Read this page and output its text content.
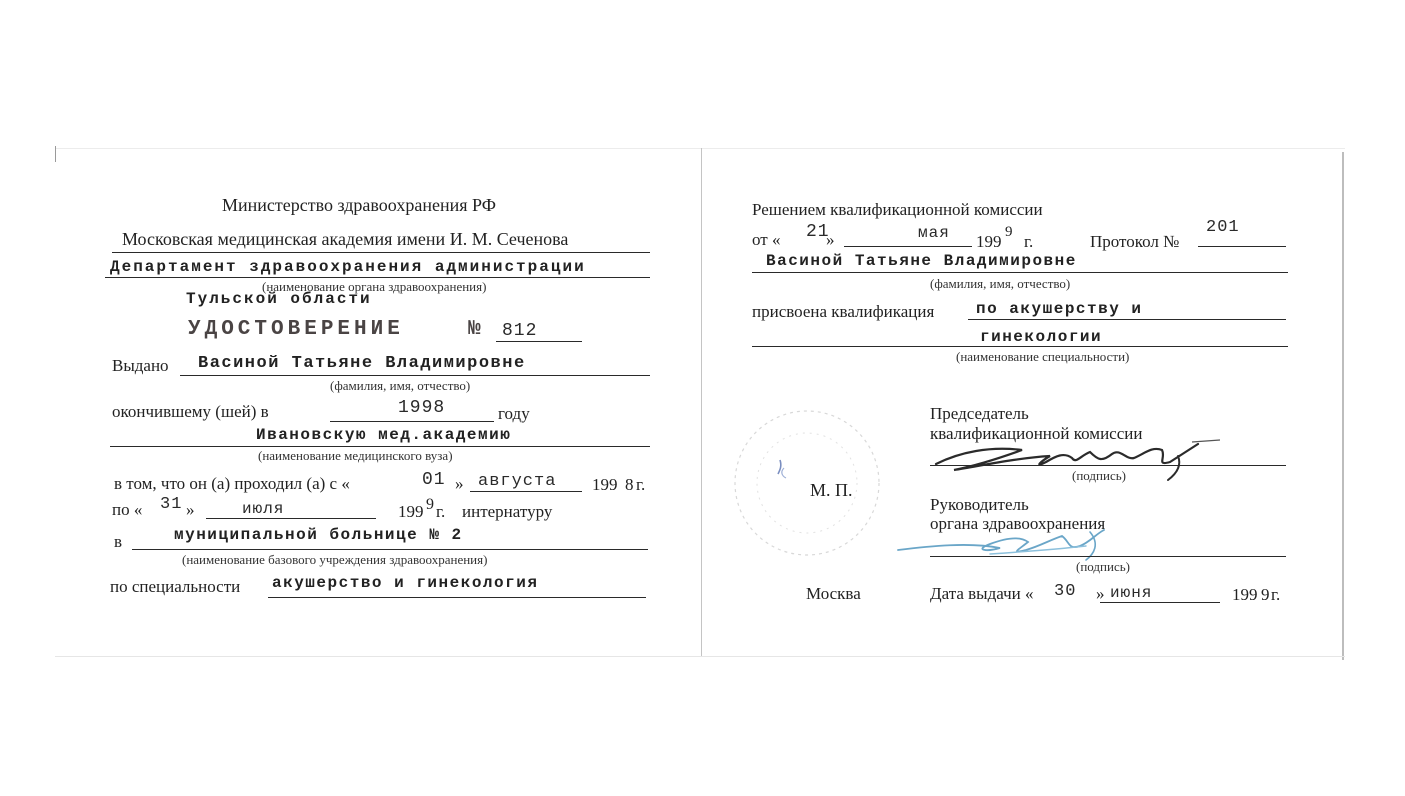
Министерство здравоохранения РФ
Московская медицинская академия имени И. М. Сеченова
Департамент здравоохранения администрации
(наименование органа здравоохранения)
Тульской области
УДОСТОВЕРЕНИЕ	№ 812
Выдано Васиной Татьяне Владимировне
(фамилия, имя, отчество)
окончившему (шей) в	1998	году
Ивановскую мед.академию
(наименование медицинского вуза)
в том, что он (а) проходил (а) с «	01 » августа 199 8 г.
по « 31 »	июля	199 9 г. интернатуру
в	муниципальной больнице № 2
(наименование базового учреждения здравоохранения)
по специальности акушерство и гинекология
Решением квалификационной комиссии
от « 21
»	мая 199 9 г.	Протокол №
201
Васиной Татьяне Владимировне
(фамилия, имя, отчество)
присвоена квалификация	по акушерству и
гинекологии
(наименование специальности)
Председатель
квалификационной комиссии
(подпись)
М. П.
Руководитель
органа здравоохранения
(подпись)
Москва	Дата выдачи « 30 » июня	199 9 г.
